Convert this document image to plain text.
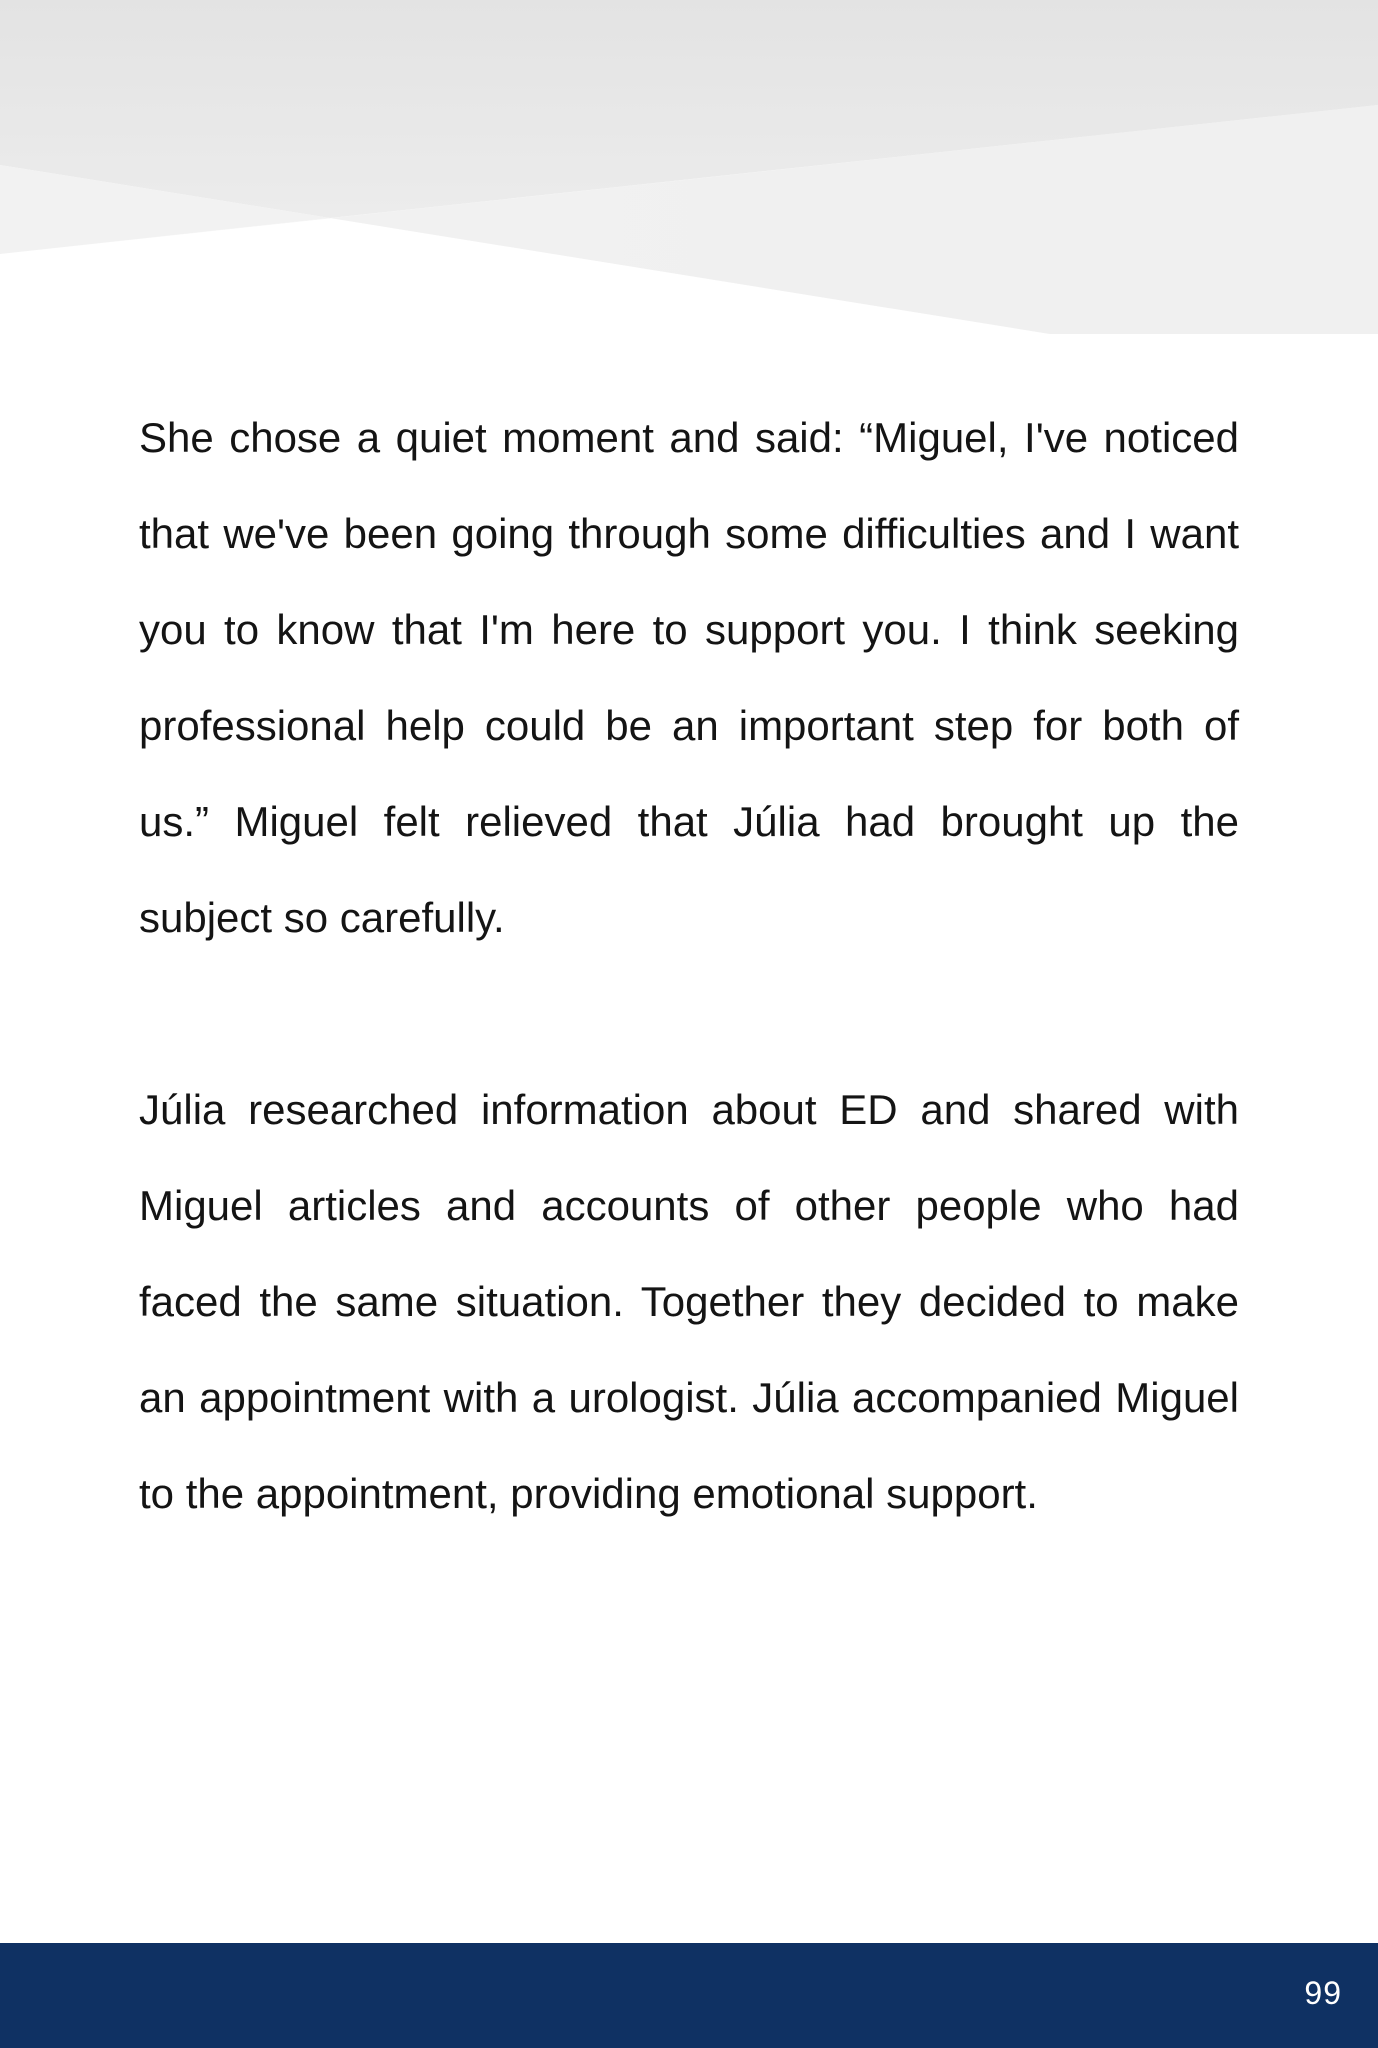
She chose a quiet moment and said: “Miguel, I've noticed that we've been going through some difficulties and I want you to know that I'm here to support you. I think seeking professional help could be an important step for both of us.” Miguel felt relieved that Júlia had brought up the subject so carefully.

Júlia researched information about ED and shared with Miguel articles and accounts of other people who had faced the same situation. Together they decided to make an appointment with a urologist. Júlia accompanied Miguel to the appointment, providing emotional support.

99
